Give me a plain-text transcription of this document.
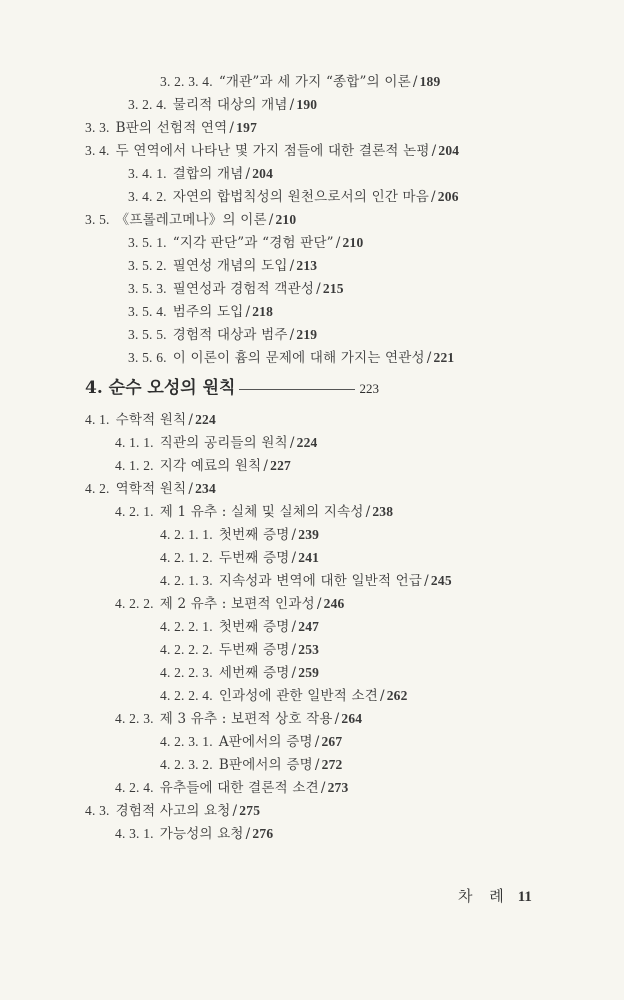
3. 2. 3. 4. “개관”과 세 가지 “종합”의 이론 / 189
3. 2. 4. 물리적 대상의 개념 / 190
3. 3. B판의 선험적 연역 / 197
3. 4. 두 연역에서 나타난 몇 가지 점들에 대한 결론적 논평 / 204
3. 4. 1. 결합의 개념 / 204
3. 4. 2. 자연의 합법칙성의 원천으로서의 인간 마음 / 206
3. 5. 《프롤레고메나》의 이론 / 210
3. 5. 1. “지각 판단”과 “경험 판단” / 210
3. 5. 2. 필연성 개념의 도입 / 213
3. 5. 3. 필연성과 경험적 객관성 / 215
3. 5. 4. 범주의 도입 / 218
3. 5. 5. 경험적 대상과 범주 / 219
3. 5. 6. 이 이론이 흄의 문제에 대해 가지는 연관성 / 221
4. 순수 오성의 원칙	223
4. 1. 수학적 원칙 / 224
4. 1. 1. 직관의 공리들의 원칙 / 224
4. 1. 2. 지각 예료의 원칙 / 227
4. 2. 역학적 원칙 / 234
4. 2. 1. 제 1 유추 : 실체 및 실체의 지속성 / 238
4. 2. 1. 1. 첫번째 증명 / 239
4. 2. 1. 2. 두번째 증명 / 241
4. 2. 1. 3. 지속성과 변역에 대한 일반적 언급 / 245
4. 2. 2. 제 2 유추 : 보편적 인과성 / 246
4. 2. 2. 1. 첫번째 증명 / 247
4. 2. 2. 2. 두번째 증명 / 253
4. 2. 2. 3. 세번째 증명 / 259
4. 2. 2. 4. 인과성에 관한 일반적 소견 / 262
4. 2. 3. 제 3 유추 : 보편적 상호 작용 / 264
4. 2. 3. 1. A판에서의 증명 / 267
4. 2. 3. 2. B판에서의 증명 / 272
4. 2. 4. 유추들에 대한 결론적 소견 / 273
4. 3. 경험적 사고의 요청 / 275
4. 3. 1. 가능성의 요청 / 276
차 례 11
